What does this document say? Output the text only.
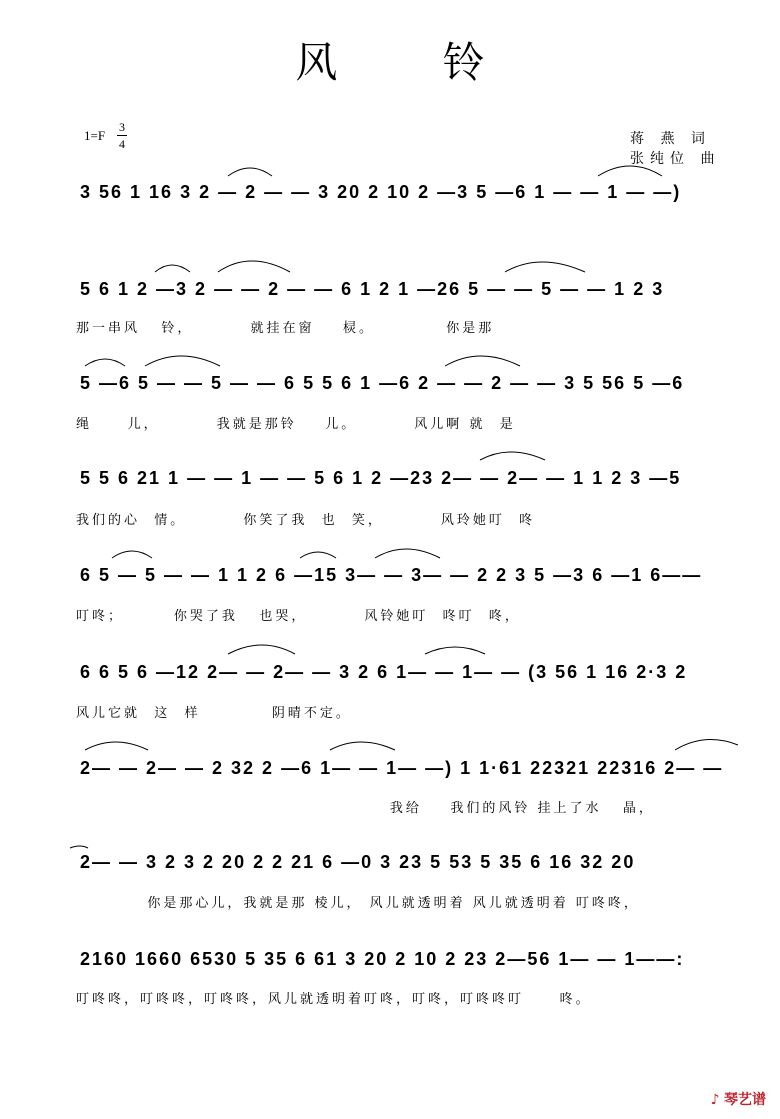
风 铃
1=F
3
4	蒋 燕 词
张纯位 曲
3 56 1 16 3 2 — 2 — — 3 20 2 10 2 —3 5 —6 1 — — 1 — —)
5 6 1 2 —3 2 — — 2 — — 6 1 2 1 —26 5 — — 5 — — 1 2 3
那一串风   铃，        就挂在窗    棂。          你是那
5 —6 5 — — 5 — — 6 5 5 6 1 —6 2 — — 2 — — 3 5 56 5 —6
绳     儿，        我就是那铃    儿。        风儿啊 就  是
5 5 6 21 1 — — 1 — — 5 6 1 2 —23 2— — 2— — 1 1 2 3 —5
我们的心  情。        你笑了我  也  笑，        风玲她叮  咚
6 5 — 5 — — 1 1 2 6 —15 3— — 3— — 2 2 3 5 —3 6 —1 6——
叮咚；       你哭了我   也哭，        风铃她叮  咚叮  咚，
6 6 5 6 —12 2— — 2— — 3 2 6 1— — 1— — (3 56 1 16 2·3 2
风儿它就  这  样          阴晴不定。
2— — 2— — 2 32 2 —6 1— — 1— —) 1 1·61 22321 22316 2— —
我给    我们的风铃 挂上了水   晶，
2— — 3 2 3 2 20 2 2 21 6 —0 3 23 5 53 5 35 6 16 32 20
你是那心儿，我就是那 棱儿， 风儿就透明着 风儿就透明着 叮咚咚，
2160 1660 6530 5 35 6 61 3 20 2 10 2 23 2—56 1— — 1——:
叮咚咚，叮咚咚，叮咚咚，风儿就透明着叮咚，叮咚，叮咚咚叮     咚。
♪ 琴艺谱
